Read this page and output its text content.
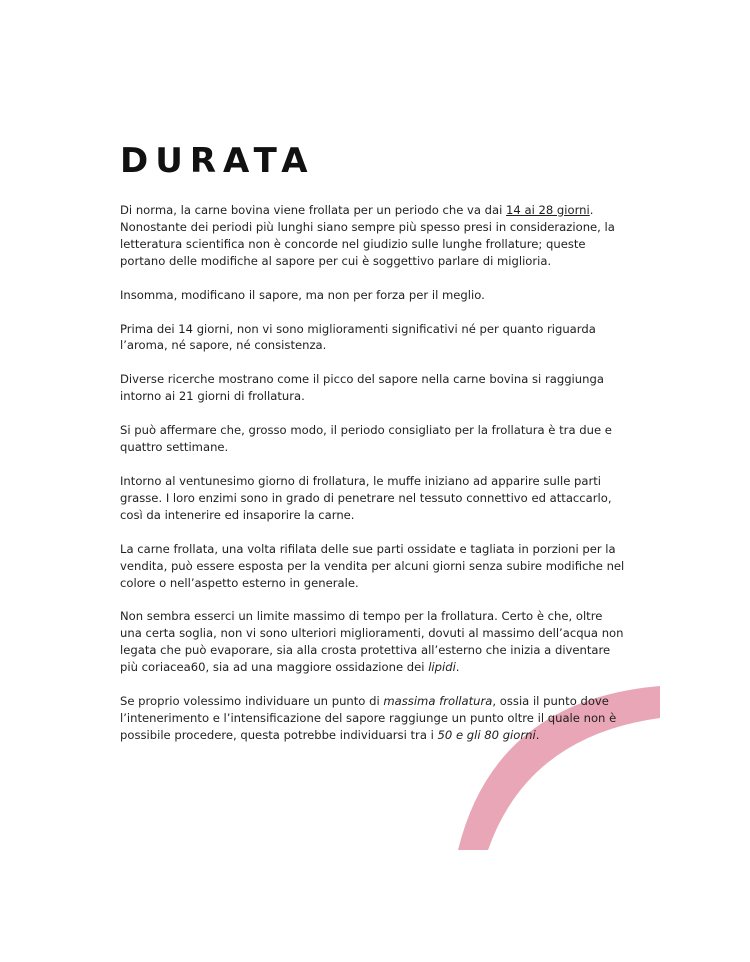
DURATA

Di norma, la carne bovina viene frollata per un periodo che va dai 14 ai 28 giorni. Nonostante dei periodi più lunghi siano sempre più spesso presi in considerazione, la letteratura scientifica non è concorde nel giudizio sulle lunghe frollature; queste portano delle modifiche al sapore per cui è soggettivo parlare di miglioria.

Insomma, modificano il sapore, ma non per forza per il meglio.

Prima dei 14 giorni, non vi sono miglioramenti significativi né per quanto riguarda l’aroma, né sapore, né consistenza.

Diverse ricerche mostrano come il picco del sapore nella carne bovina si raggiunga intorno ai 21 giorni di frollatura.

Si può affermare che, grosso modo, il periodo consigliato per la frollatura è tra due e quattro settimane.

Intorno al ventunesimo giorno di frollatura, le muffe iniziano ad apparire sulle parti grasse. I loro enzimi sono in grado di penetrare nel tessuto connettivo ed attaccarlo, così da intenerire ed insaporire la carne.

La carne frollata, una volta rifilata delle sue parti ossidate e tagliata in porzioni per la vendita, può essere esposta per la vendita per alcuni giorni senza subire modifiche nel colore o nell’aspetto esterno in generale.

Non sembra esserci un limite massimo di tempo per la frollatura. Certo è che, oltre una certa soglia, non vi sono ulteriori miglioramenti, dovuti al massimo dell’acqua non legata che può evaporare, sia alla crosta protettiva all’esterno che inizia a diventare più coriacea60, sia ad una maggiore ossidazione dei lipidi.

Se proprio volessimo individuare un punto di massima frollatura, ossia il punto dove l’intenerimento e l’intensificazione del sapore raggiunge un punto oltre il quale non è possibile procedere, questa potrebbe individuarsi tra i 50 e gli 80 giorni.
